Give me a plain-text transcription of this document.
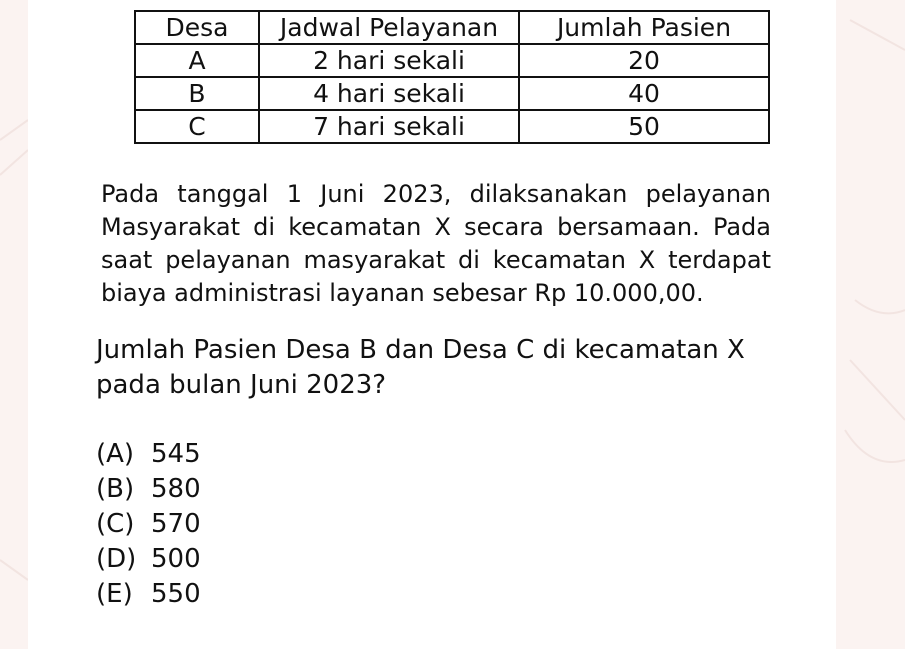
Desa	Jadwal Pelayanan	Jumlah Pasien
A	2 hari sekali	20
B	4 hari sekali	40
C	7 hari sekali	50

Pada tanggal 1 Juni 2023, dilaksanakan pelayanan Masyarakat di kecamatan X secara bersamaan. Pada saat pelayanan masyarakat di kecamatan X terdapat biaya administrasi layanan sebesar Rp 10.000,00.

Jumlah Pasien Desa B dan Desa C di kecamatan X pada bulan Juni 2023?

(A) 545
(B) 580
(C) 570
(D) 500
(E) 550
